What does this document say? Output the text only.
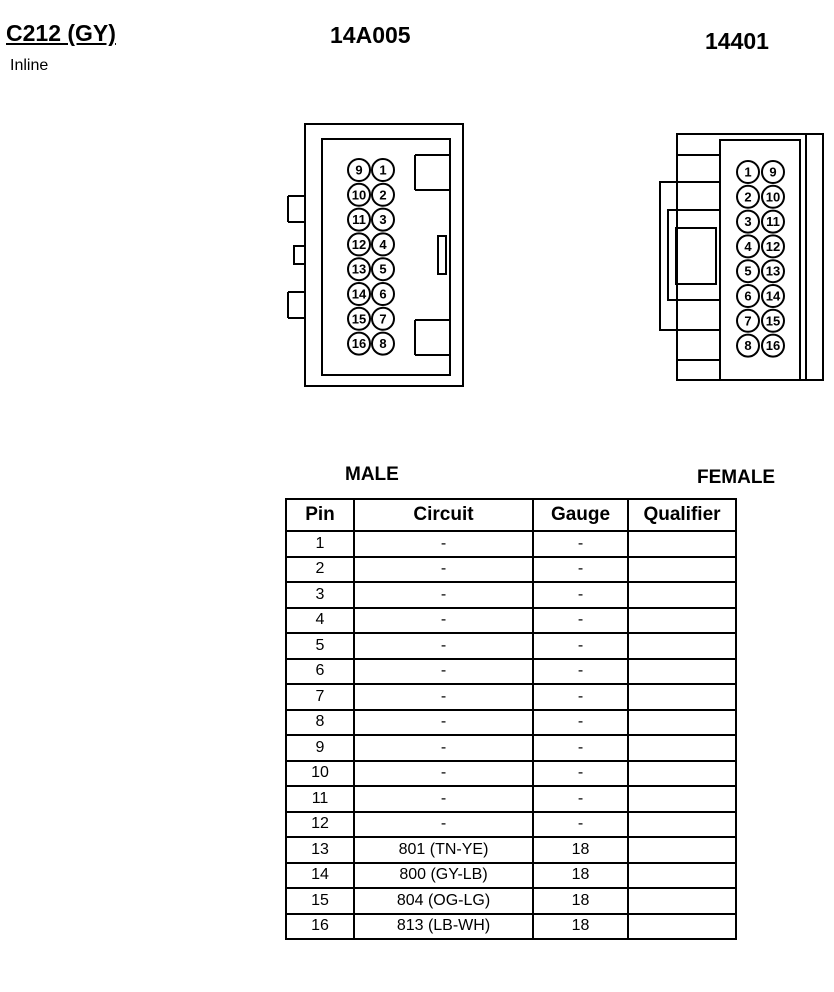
C212 (GY)
Inline
14A005	14401
9
10
11
12
13
14
15
16
1
2
3
4
5
6
7
8
1
2
3
4
5
6
7
8
9
10
11
12
13
14
15
16
MALE	FEMALE
Pin	Circuit	Gauge	Qualifier
1	-	-	
2	-	-	
3	-	-	
4	-	-	
5	-	-	
6	-	-	
7	-	-	
8	-	-	
9	-	-	
10	-	-	
11	-	-	
12	-	-	
13	801 (TN-YE)	18	
14	800 (GY-LB)	18	
15	804 (OG-LG)	18	
16	813 (LB-WH)	18	
